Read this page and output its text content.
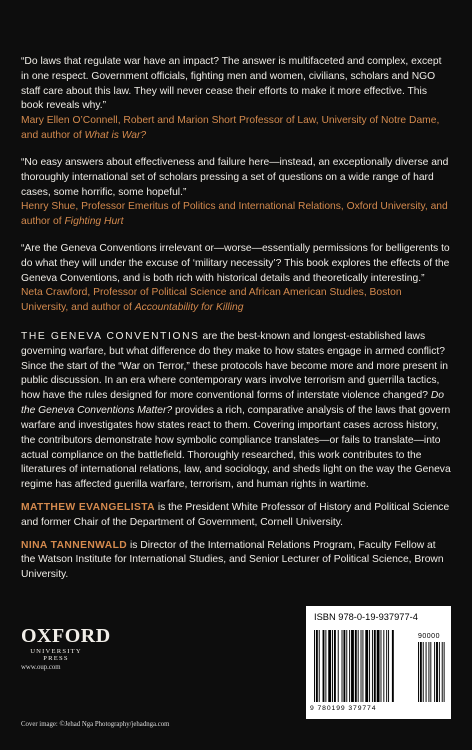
“Do laws that regulate war have an impact? The answer is multifaceted and complex, except in one respect. Government officials, fighting men and women, civilians, scholars and NGO staff care about this law. They will never cease their efforts to make it more effective. This book reveals why.”
Mary Ellen O’Connell, Robert and Marion Short Professor of Law, University of Notre Dame, and author of What is War?
“No easy answers about effectiveness and failure here—instead, an exceptionally diverse and thoroughly international set of scholars pressing a set of questions on a wide range of hard cases, some horrific, some hopeful.”
Henry Shue, Professor Emeritus of Politics and International Relations, Oxford University, and author of Fighting Hurt
“Are the Geneva Conventions irrelevant or—worse—essentially permissions for belligerents to do what they will under the excuse of ‘military necessity’? This book explores the effects of the Geneva Conventions, and is both rich with historical details and theoretically interesting.”
Neta Crawford, Professor of Political Science and African American Studies, Boston University, and author of Accountability for Killing
THE GENEVA CONVENTIONS are the best-known and longest-established laws governing warfare, but what difference do they make to how states engage in armed conflict? Since the start of the “War on Terror,” these protocols have become more and more present in public discussion. In an era where contemporary wars involve terrorism and guerrilla tactics, how have the rules designed for more conventional forms of interstate violence changed? Do the Geneva Conventions Matter? provides a rich, comparative analysis of the laws that govern warfare and investigates how states react to them. Covering important cases across history, the contributors demonstrate how symbolic compliance translates—or fails to translate—into actual compliance on the battlefield. Thoroughly researched, this work contributes to the literatures of international relations, law, and sociology, and sheds light on the way the Geneva regime has affected guerilla warfare, terrorism, and human rights in wartime.
MATTHEW EVANGELISTA is the President White Professor of History and Political Science and former Chair of the Department of Government, Cornell University.
NINA TANNENWALD is Director of the International Relations Program, Faculty Fellow at the Watson Institute for International Studies, and Senior Lecturer of Political Science, Brown University.
OXFORD
UNIVERSITY PRESS
www.oup.com
Cover image: ©Jehad Nga Photography/jehadnga.com
ISBN 978-0-19-937977-4
90000
9 780199 379774
